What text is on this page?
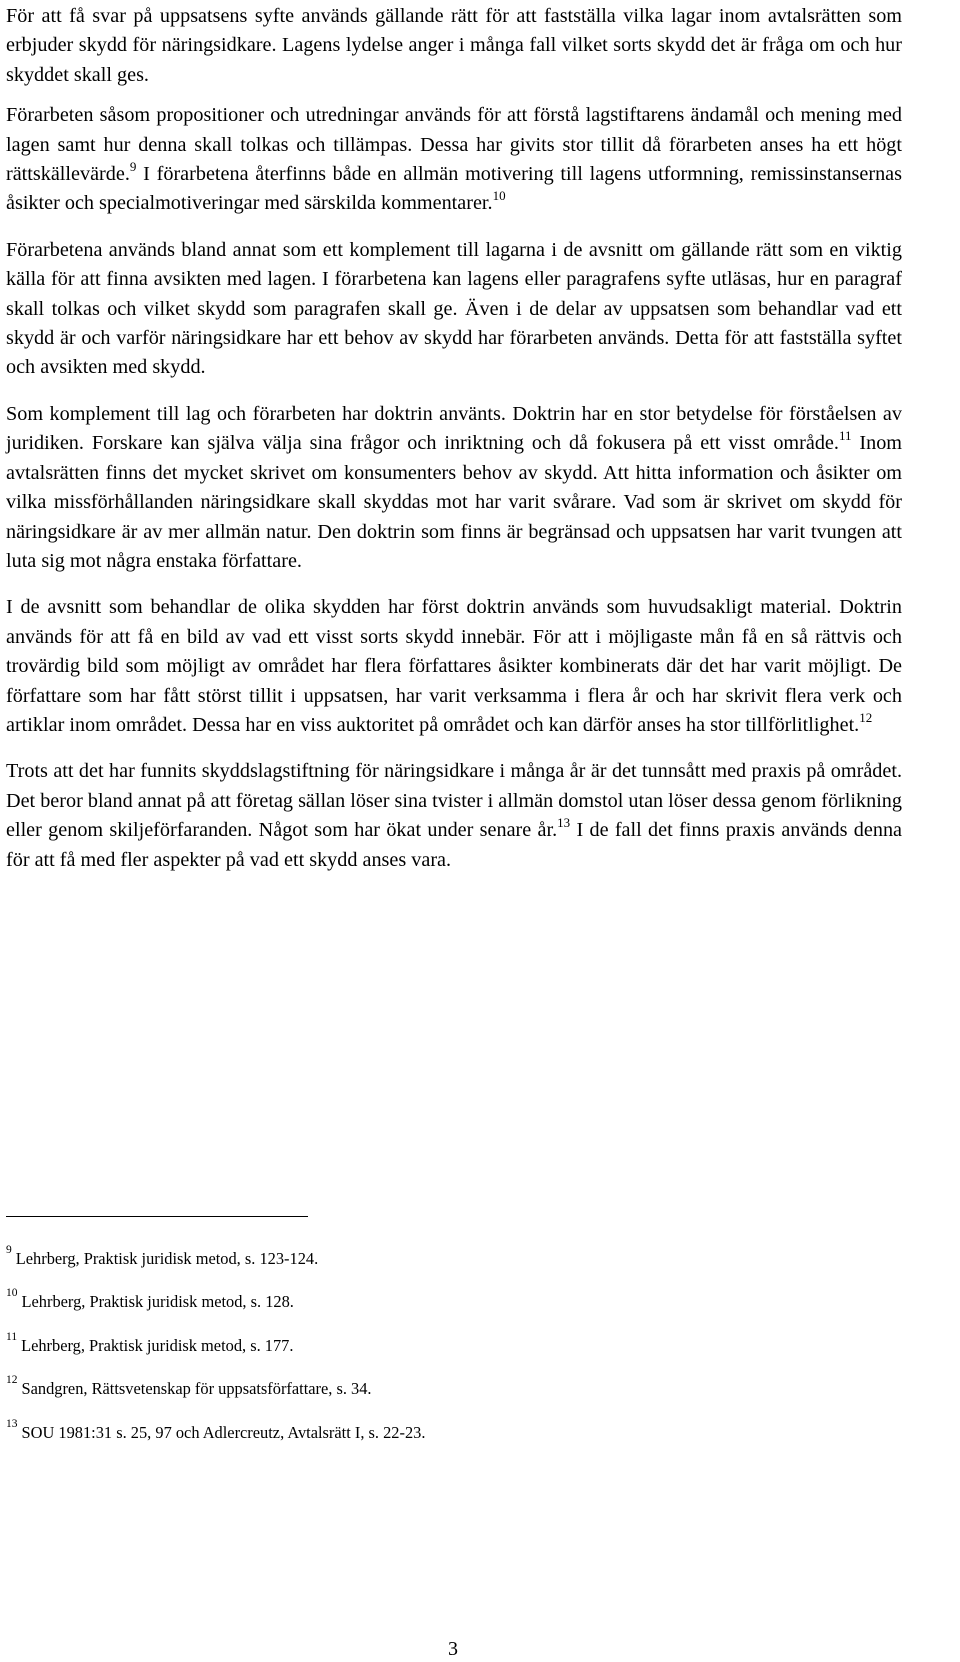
För att få svar på uppsatsens syfte används gällande rätt för att fastställa vilka lagar inom avtalsrätten som erbjuder skydd för näringsidkare. Lagens lydelse anger i många fall vilket sorts skydd det är fråga om och hur skyddet skall ges.

Förarbeten såsom propositioner och utredningar används för att förstå lagstiftarens ändamål och mening med lagen samt hur denna skall tolkas och tillämpas. Dessa har givits stor tillit då förarbeten anses ha ett högt rättskällevärde.$^9$ I förarbetena återfinns både en allmän motivering till lagens utformning, remissinstansernas åsikter och specialmotiveringar med särskilda kommentarer.$^{10}$

Förarbetena används bland annat som ett komplement till lagarna i de avsnitt om gällande rätt som en viktig källa för att finna avsikten med lagen. I förarbetena kan lagens eller paragrafens syfte utläsas, hur en paragraf skall tolkas och vilket skydd som paragrafen skall ge. Även i de delar av uppsatsen som behandlar vad ett skydd är och varför näringsidkare har ett behov av skydd har förarbeten används. Detta för att fastställa syftet och avsikten med skydd.

Som komplement till lag och förarbeten har doktrin använts. Doktrin har en stor betydelse för förståelsen av juridiken. Forskare kan själva välja sina frågor och inriktning och då fokusera på ett visst område.$^{11}$ Inom avtalsrätten finns det mycket skrivet om konsumenters behov av skydd. Att hitta information och åsikter om vilka missförhållanden näringsidkare skall skyddas mot har varit svårare. Vad som är skrivet om skydd för näringsidkare är av mer allmän natur. Den doktrin som finns är begränsad och uppsatsen har varit tvungen att luta sig mot några enstaka författare.

I de avsnitt som behandlar de olika skydden har först doktrin används som huvudsakligt material. Doktrin används för att få en bild av vad ett visst sorts skydd innebär. För att i möjligaste mån få en så rättvis och trovärdig bild som möjligt av området har flera författares åsikter kombinerats där det har varit möjligt. De författare som har fått störst tillit i uppsatsen, har varit verksamma i flera år och har skrivit flera verk och artiklar inom området. Dessa har en viss auktoritet på området och kan därför anses ha stor tillförlitlighet.$^{12}$

Trots att det har funnits skyddslagstiftning för näringsidkare i många år är det tunnsått med praxis på området. Det beror bland annat på att företag sällan löser sina tvister i allmän domstol utan löser dessa genom förlikning eller genom skiljeförfaranden. Något som har ökat under senare år.$^{13}$ I de fall det finns praxis används denna för att få med fler aspekter på vad ett skydd anses vara.

9 Lehrberg, Praktisk juridisk metod, s. 123-124.
10 Lehrberg, Praktisk juridisk metod, s. 128.
11 Lehrberg, Praktisk juridisk metod, s. 177.
12 Sandgren, Rättsvetenskap för uppsatsförfattare, s. 34.
13 SOU 1981:31 s. 25, 97 och Adlercreutz, Avtalsrätt I, s. 22-23.
3
